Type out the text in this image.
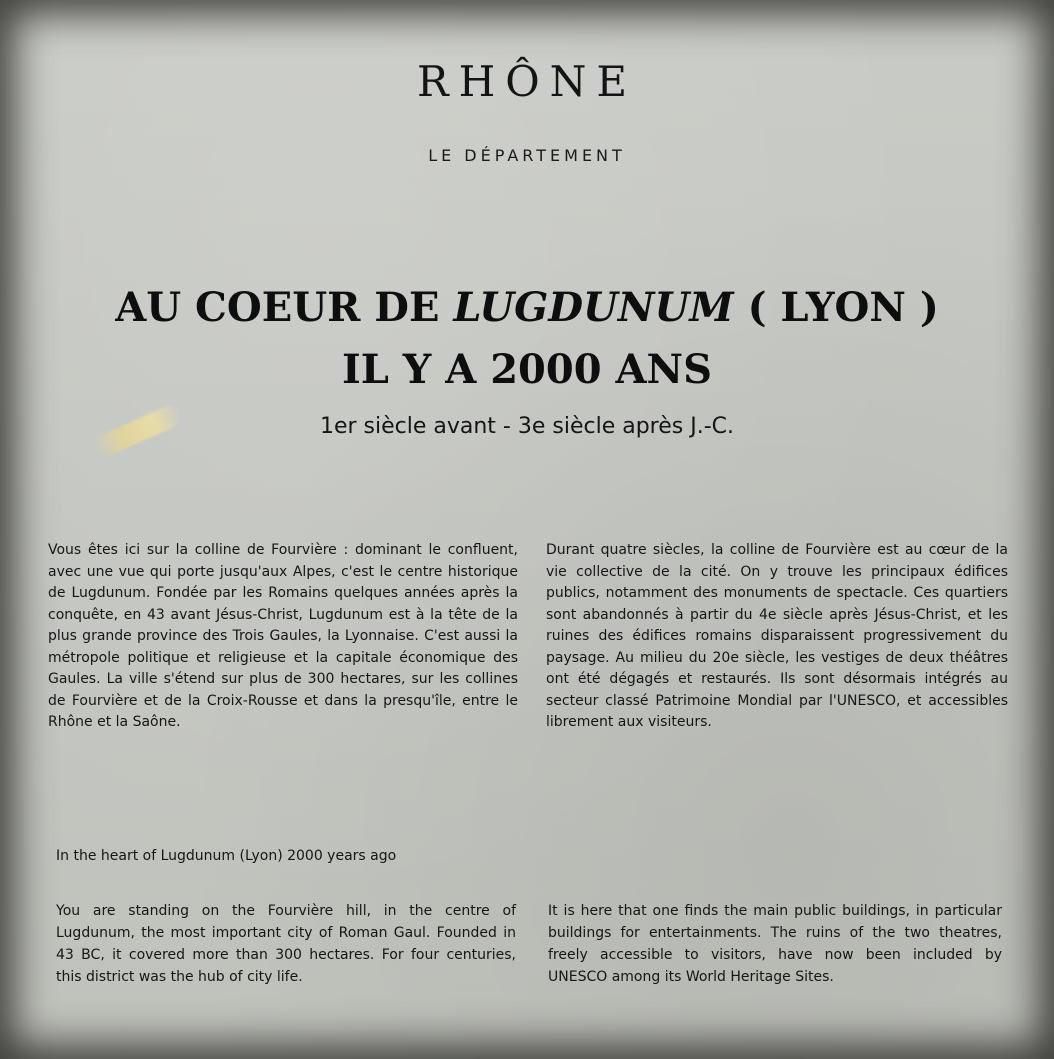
RHÔNE
LE DÉPARTEMENT
AU COEUR DE LUGDUNUM ( LYON )
IL Y A 2000 ANS
1er siècle avant - 3e siècle après J.-C.

Vous êtes ici sur la colline de Fourvière : dominant le confluent, avec une vue qui porte jusqu'aux Alpes, c'est le centre historique de Lugdunum. Fondée par les Romains quelques années après la conquête, en 43 avant Jésus-Christ, Lugdunum est à la tête de la plus grande province des Trois Gaules, la Lyonnaise. C'est aussi la métropole politique et religieuse et la capitale économique des Gaules. La ville s'étend sur plus de 300 hectares, sur les collines de Fourvière et de la Croix-Rousse et dans la presqu'île, entre le Rhône et la Saône.

Durant quatre siècles, la colline de Fourvière est au cœur de la vie collective de la cité. On y trouve les principaux édifices publics, notamment des monuments de spectacle. Ces quartiers sont abandonnés à partir du 4e siècle après Jésus-Christ, et les ruines des édifices romains disparaissent progressivement du paysage. Au milieu du 20e siècle, les vestiges de deux théâtres ont été dégagés et restaurés. Ils sont désormais intégrés au secteur classé Patrimoine Mondial par l'UNESCO, et accessibles librement aux visiteurs.

In the heart of Lugdunum (Lyon) 2000 years ago

You are standing on the Fourvière hill, in the centre of Lugdunum, the most important city of Roman Gaul. Founded in 43 BC, it covered more than 300 hectares. For four centuries, this district was the hub of city life.

It is here that one finds the main public buildings, in particular buildings for entertainments. The ruins of the two theatres, freely accessible to visitors, have now been included by UNESCO among its World Heritage Sites.
